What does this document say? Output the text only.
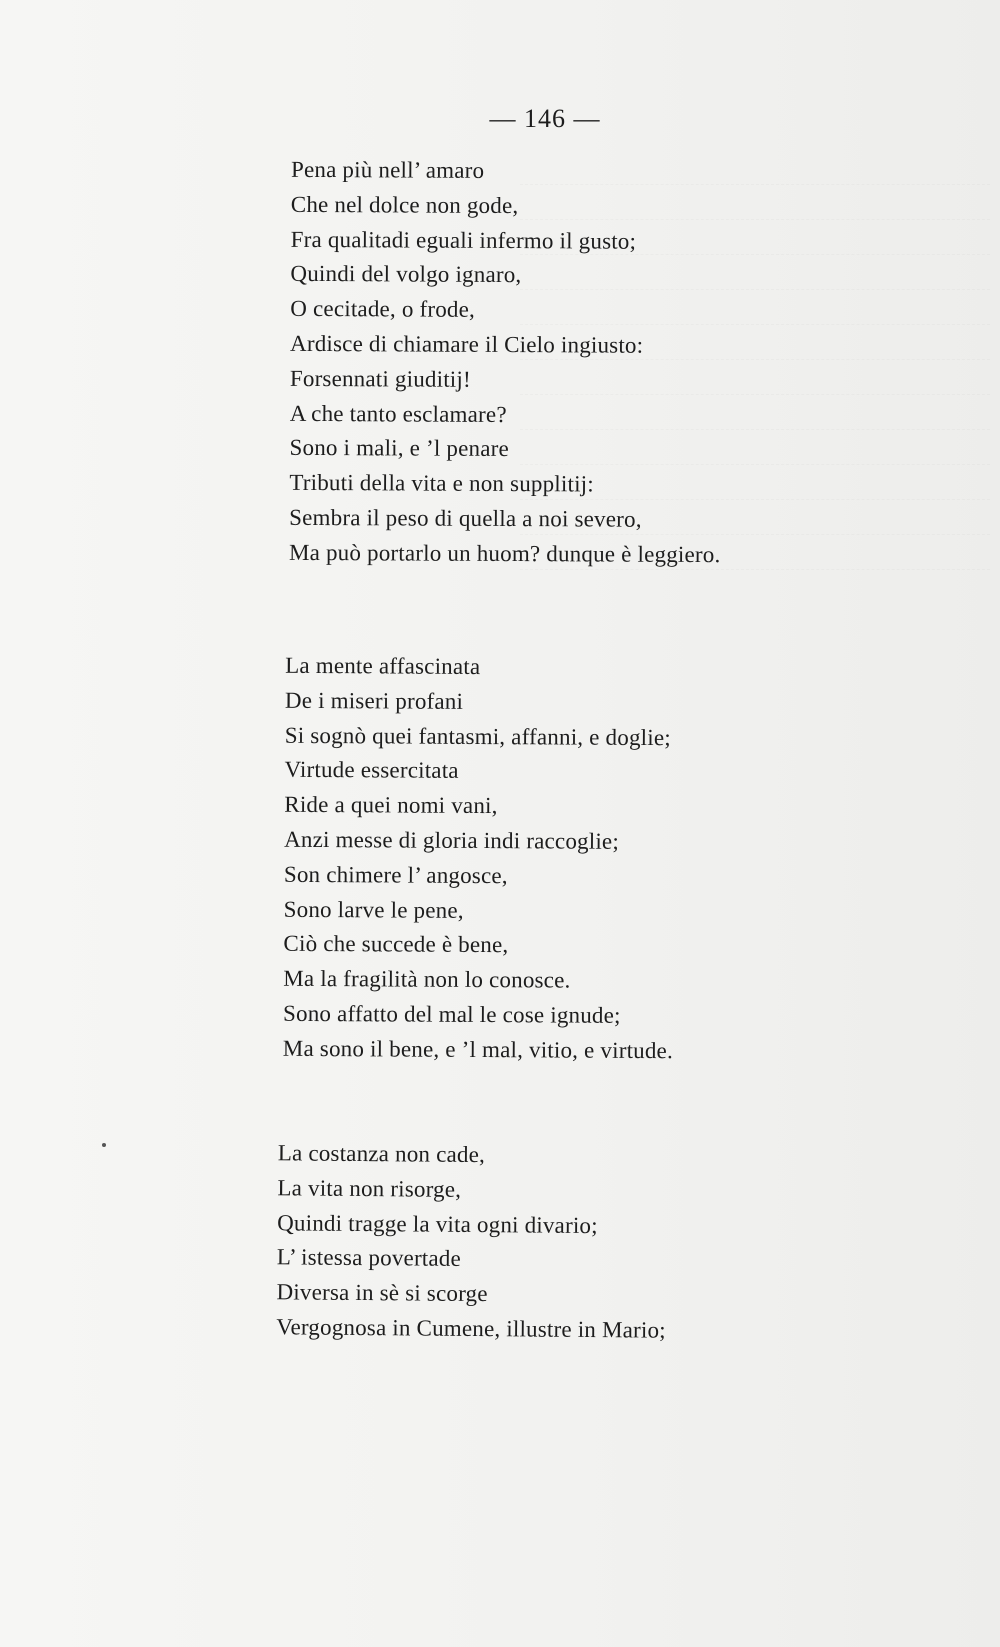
— 146 —
Pena più nell’ amaro
Che nel dolce non gode,
Fra qualitadi eguali infermo il gusto;
Quindi del volgo ignaro,
O cecitade, o frode,
Ardisce di chiamare il Cielo ingiusto:
Forsennati giuditij!
A che tanto esclamare?
Sono i mali, e ’l penare
Tributi della vita e non supplitij:
Sembra il peso di quella a noi severo,
Ma può portarlo un huom? dunque è leggiero.
La mente affascinata
De i miseri profani
Si sognò quei fantasmi, affanni, e doglie;
Virtude essercitata
Ride a quei nomi vani,
Anzi messe di gloria indi raccoglie;
Son chimere l’ angosce,
Sono larve le pene,
Ciò che succede è bene,
Ma la fragilità non lo conosce.
Sono affatto del mal le cose ignude;
Ma sono il bene, e ’l mal, vitio, e virtude.
La costanza non cade,
La vita non risorge,
Quindi tragge la vita ogni divario;
L’ istessa povertade
Diversa in sè si scorge
Vergognosa in Cumene, illustre in Mario;
